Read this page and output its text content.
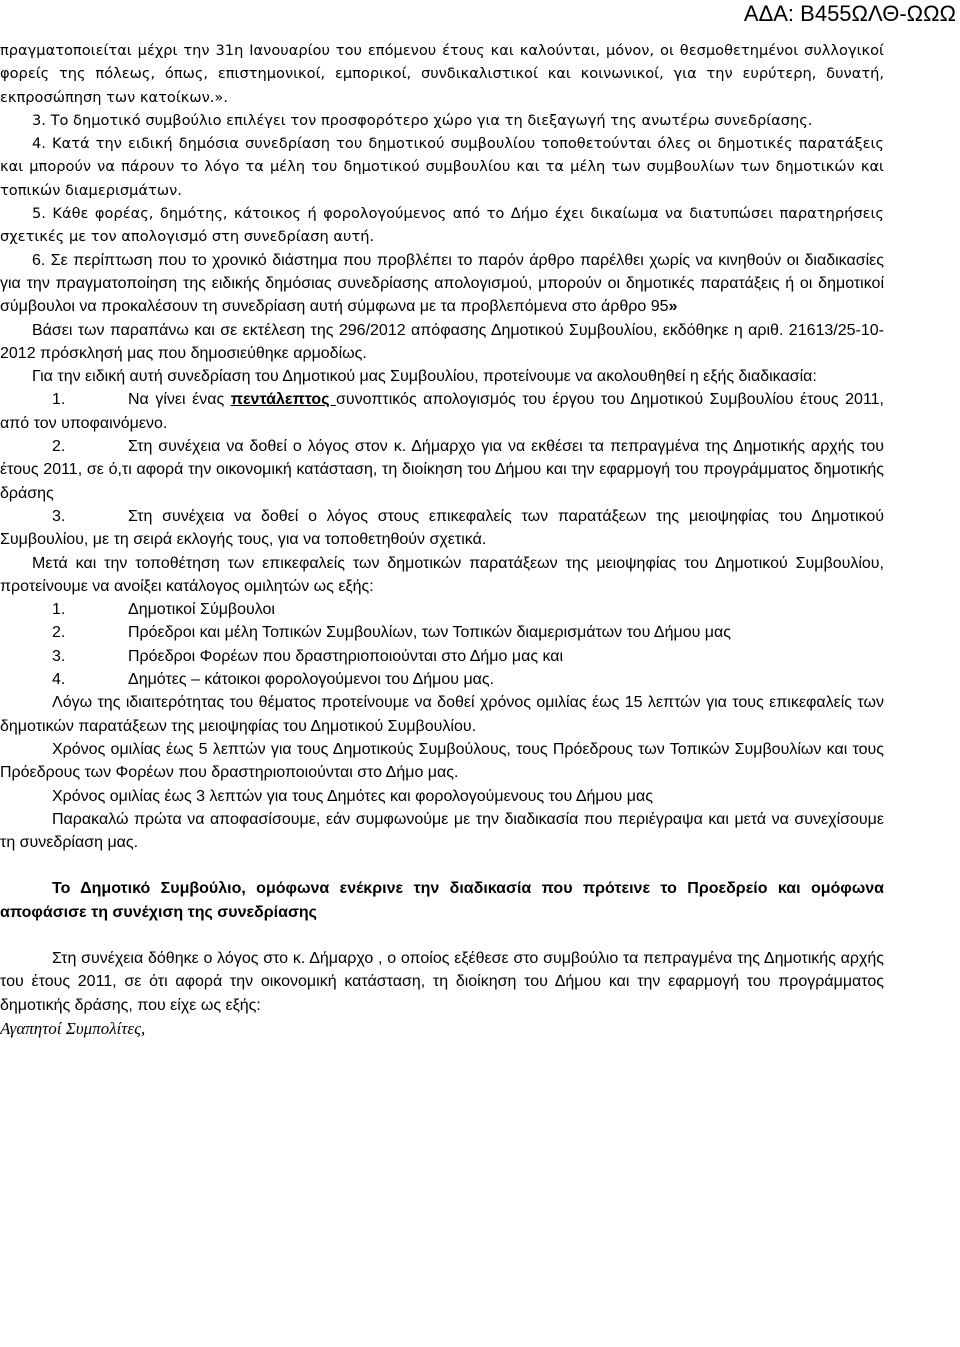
ΑΔΑ: Β455ΩΛΘ-ΩΩΩ

πραγματοποιείται μέχρι την 31η Ιανουαρίου του επόμενου έτους και καλούνται, μόνον, οι θεσμοθετημένοι συλλογικοί φορείς της πόλεως, όπως, επιστημονικοί, εμπορικοί, συνδικαλιστικοί και κοινωνικοί, για την ευρύτερη, δυνατή, εκπροσώπηση των κατοίκων.».

3. Το δημοτικό συμβούλιο επιλέγει τον προσφορότερο χώρο για τη διεξαγωγή της ανωτέρω συνεδρίασης.

4. Κατά την ειδική δημόσια συνεδρίαση του δημοτικού συμβουλίου τοποθετούνται όλες οι δημοτικές παρατάξεις και μπορούν να πάρουν το λόγο τα μέλη του δημοτικού συμβουλίου και τα μέλη των συμβουλίων των δημοτικών και τοπικών διαμερισμάτων.

5. Κάθε φορέας, δημότης, κάτοικος ή φορολογούμενος από το Δήμο έχει δικαίωμα να διατυπώσει παρατηρήσεις σχετικές με τον απολογισμό στη συνεδρίαση αυτή.

6. Σε περίπτωση που το χρονικό διάστημα που προβλέπει το παρόν άρθρο παρέλθει χωρίς να κινηθούν οι διαδικασίες για την πραγματοποίηση της ειδικής δημόσιας συνεδρίασης απολογισμού, μπορούν οι δημοτικές παρατάξεις ή οι δημοτικοί σύμβουλοι να προκαλέσουν τη συνεδρίαση αυτή σύμφωνα με τα προβλεπόμενα στο άρθρο 95»

Βάσει των παραπάνω και σε εκτέλεση της 296/2012 απόφασης Δημοτικού Συμβουλίου, εκδόθηκε η αριθ. 21613/25-10-2012 πρόσκλησή μας που δημοσιεύθηκε αρμοδίως.

Για την ειδική αυτή συνεδρίαση του Δημοτικού μας Συμβουλίου, προτείνουμε να ακολουθηθεί η εξής διαδικασία:

1.	Να γίνει ένας πεντάλεπτος συνοπτικός απολογισμός του έργου του Δημοτικού Συμβουλίου έτους 2011, από τον υποφαινόμενο.

2.	Στη συνέχεια να δοθεί ο λόγος στον κ. Δήμαρχο για να εκθέσει τα πεπραγμένα της Δημοτικής αρχής του έτους 2011, σε ό,τι αφορά την οικονομική κατάσταση, τη διοίκηση του Δήμου και την εφαρμογή του προγράμματος δημοτικής δράσης

3.	Στη συνέχεια να δοθεί ο λόγος στους επικεφαλείς των παρατάξεων της μειοψηφίας του Δημοτικού Συμβουλίου, με τη σειρά εκλογής τους, για να τοποθετηθούν σχετικά.

Μετά και την τοποθέτηση των επικεφαλείς των δημοτικών παρατάξεων της μειοψηφίας του Δημοτικού Συμβουλίου, προτείνουμε να ανοίξει κατάλογος ομιλητών ως εξής:

1.	Δημοτικοί Σύμβουλοι

2.	Πρόεδροι και μέλη Τοπικών Συμβουλίων, των Τοπικών διαμερισμάτων του Δήμου μας

3.	Πρόεδροι Φορέων που δραστηριοποιούνται στο Δήμο μας και

4.	Δημότες – κάτοικοι φορολογούμενοι του Δήμου μας.

Λόγω της ιδιαιτερότητας του θέματος προτείνουμε να δοθεί χρόνος ομιλίας έως 15 λεπτών για τους επικεφαλείς των δημοτικών παρατάξεων της μειοψηφίας του Δημοτικού Συμβουλίου.

Χρόνος ομιλίας έως 5 λεπτών για τους Δημοτικούς Συμβούλους, τους Πρόεδρους των Τοπικών Συμβουλίων και τους Πρόεδρους των Φορέων που δραστηριοποιούνται στο Δήμο μας.

Χρόνος ομιλίας έως 3 λεπτών για τους Δημότες και φορολογούμενους του Δήμου μας

Παρακαλώ πρώτα να αποφασίσουμε, εάν συμφωνούμε με την διαδικασία που περιέγραψα και μετά να συνεχίσουμε τη συνεδρίαση μας.

Το Δημοτικό Συμβούλιο, ομόφωνα ενέκρινε την διαδικασία που πρότεινε το Προεδρείο και ομόφωνα αποφάσισε τη συνέχιση της συνεδρίασης

Στη συνέχεια δόθηκε ο λόγος στο κ. Δήμαρχο , ο οποίος εξέθεσε στο συμβούλιο τα πεπραγμένα της Δημοτικής αρχής του έτους 2011, σε ότι αφορά την οικονομική κατάσταση, τη διοίκηση του Δήμου και την εφαρμογή του προγράμματος δημοτικής δράσης, που είχε ως εξής:

Αγαπητοί Συμπολίτες,
